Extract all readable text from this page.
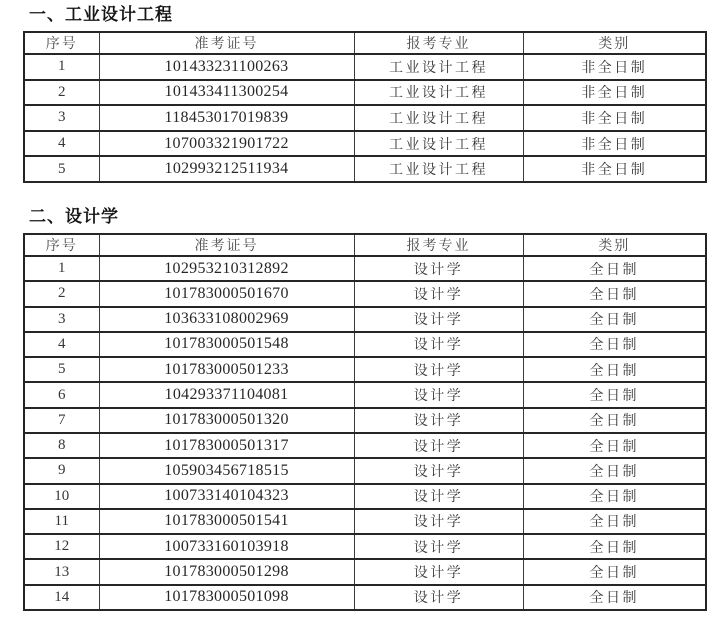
一、工业设计工程
序号	准考证号	报考专业	类别
1	101433231100263	工业设计工程	非全日制
2	101433411300254	工业设计工程	非全日制
3	118453017019839	工业设计工程	非全日制
4	107003321901722	工业设计工程	非全日制
5	102993212511934	工业设计工程	非全日制
二、设计学
序号	准考证号	报考专业	类别
1	102953210312892	设计学	全日制
2	101783000501670	设计学	全日制
3	103633108002969	设计学	全日制
4	101783000501548	设计学	全日制
5	101783000501233	设计学	全日制
6	104293371104081	设计学	全日制
7	101783000501320	设计学	全日制
8	101783000501317	设计学	全日制
9	105903456718515	设计学	全日制
10	100733140104323	设计学	全日制
11	101783000501541	设计学	全日制
12	100733160103918	设计学	全日制
13	101783000501298	设计学	全日制
14	101783000501098	设计学	全日制
